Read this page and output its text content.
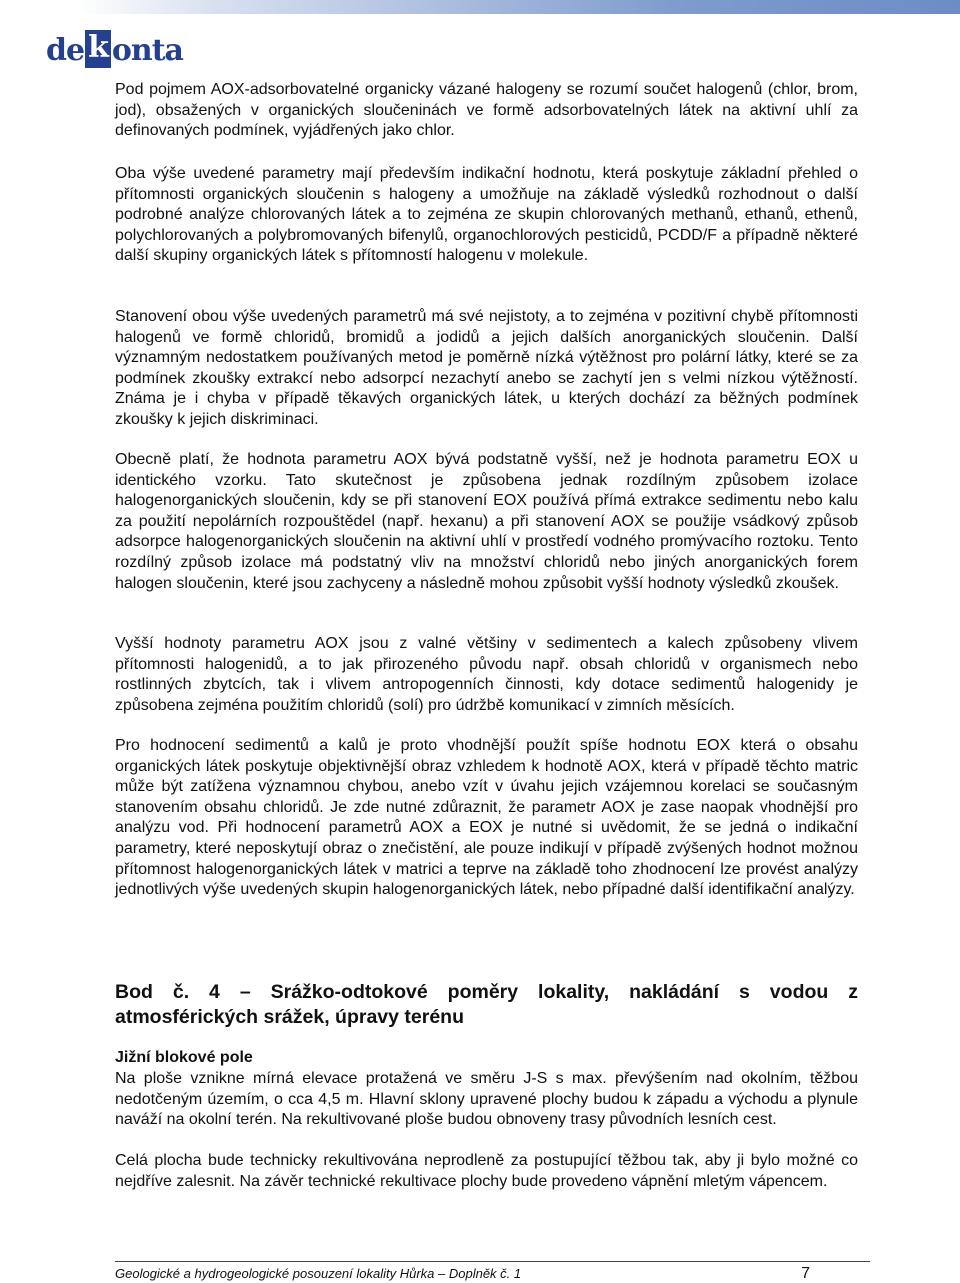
de k onta

Pod pojmem AOX-adsorbovatelné organicky vázané halogeny se rozumí součet halogenů (chlor, brom, jod), obsažených v organických sloučeninách ve formě adsorbovatelných látek na aktivní uhlí za definovaných podmínek, vyjádřených jako chlor.

Oba výše uvedené parametry mají především indikační hodnotu, která poskytuje základní přehled o přítomnosti organických sloučenin s halogeny a umožňuje na základě výsledků rozhodnout o další podrobné analýze chlorovaných látek a to zejména ze skupin chlorovaných methanů, ethanů, ethenů, polychlorovaných a polybromovaných bifenylů, organochlorových pesticidů, PCDD/F a případně některé další skupiny organických látek s přítomností halogenu v molekule.

Stanovení obou výše uvedených parametrů má své nejistoty, a to zejména v pozitivní chybě přítomnosti halogenů ve formě chloridů, bromidů a jodidů a jejich dalších anorganických sloučenin. Další významným nedostatkem používaných metod je poměrně nízká výtěžnost pro polární látky, které se za podmínek zkoušky extrakcí nebo adsorpcí nezachytí anebo se zachytí jen s velmi nízkou výtěžností. Známa je i chyba v případě těkavých organických látek, u kterých dochází za běžných podmínek zkoušky k jejich diskriminaci.

Obecně platí, že hodnota parametru AOX bývá podstatně vyšší, než je hodnota parametru EOX u identického vzorku. Tato skutečnost je způsobena jednak rozdílným způsobem izolace halogenorganických sloučenin, kdy se při stanovení EOX používá přímá extrakce sedimentu nebo kalu za použití nepolárních rozpouštědel (např. hexanu) a při stanovení AOX se použije vsádkový způsob adsorpce halogenorganických sloučenin na aktivní uhlí v prostředí vodného promývacího roztoku. Tento rozdílný způsob izolace má podstatný vliv na množství chloridů nebo jiných anorganických forem halogen sloučenin, které jsou zachyceny a následně mohou způsobit vyšší hodnoty výsledků zkoušek.

Vyšší hodnoty parametru AOX jsou z valné většiny v sedimentech a kalech způsobeny vlivem přítomnosti halogenidů, a to jak přirozeného původu např. obsah chloridů v organismech nebo rostlinných zbytcích, tak i vlivem antropogenních činnosti, kdy dotace sedimentů halogenidy je způsobena zejména použitím chloridů (solí) pro údržbě komunikací v zimních měsících.

Pro hodnocení sedimentů a kalů je proto vhodnější použít spíše hodnotu EOX která o obsahu organických látek poskytuje objektivnější obraz vzhledem k hodnotě AOX, která v případě těchto matric může být zatížena významnou chybou, anebo vzít v úvahu jejich vzájemnou korelaci se současným stanovením obsahu chloridů. Je zde nutné zdůraznit, že parametr AOX je zase naopak vhodnější pro analýzu vod. Při hodnocení parametrů AOX a EOX je nutné si uvědomit, že se jedná o indikační parametry, které neposkytují obraz o znečistění, ale pouze indikují v případě zvýšených hodnot možnou přítomnost halogenorganických látek v matrici a teprve na základě toho zhodnocení lze provést analýzy jednotlivých výše uvedených skupin halogenorganických látek, nebo případné další identifikační analýzy.

Bod č. 4 – Srážko-odtokové poměry lokality, nakládání s vodou z atmosférických srážek, úpravy terénu
Jižní blokové pole

Na ploše vznikne mírná elevace protažená ve směru J-S s max. převýšením nad okolním, těžbou nedotčeným územím, o cca 4,5 m. Hlavní sklony upravené plochy budou k západu a východu a plynule naváží na okolní terén. Na rekultivované ploše budou obnoveny trasy původních lesních cest.

Celá plocha bude technicky rekultivována neprodleně za postupující těžbou tak, aby ji bylo možné co nejdříve zalesnit. Na závěr technické rekultivace plochy bude provedeno vápnění mletým vápencem.

Geologické a hydrogeologické posouzení lokality Hůrka – Doplněk č. 1	7
